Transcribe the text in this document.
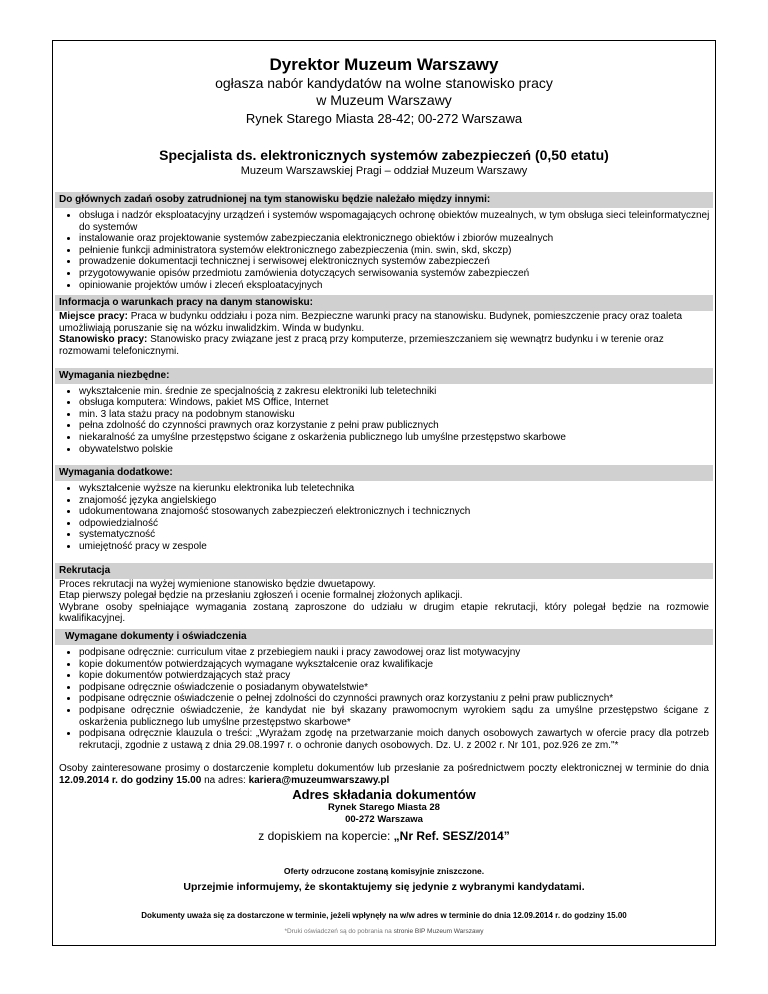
Dyrektor Muzeum Warszawy
ogłasza nabór kandydatów na wolne stanowisko pracy
w Muzeum Warszawy
Rynek Starego Miasta 28-42; 00-272 Warszawa
Specjalista ds. elektronicznych systemów zabezpieczeń (0,50 etatu)
Muzeum Warszawskiej Pragi – oddział Muzeum Warszawy
Do głównych zadań osoby zatrudnionej na tym stanowisku będzie należało między innymi:
• obsługa i nadzór eksploatacyjny urządzeń i systemów wspomagających ochronę obiektów muzealnych, w tym obsługa sieci teleinformatycznej do systemów
• instalowanie oraz projektowanie systemów zabezpieczania elektronicznego obiektów i zbiorów muzealnych
• pełnienie funkcji administratora systemów elektronicznego zabezpieczenia (min. swin, skd, skczp)
• prowadzenie dokumentacji technicznej i serwisowej elektronicznych systemów zabezpieczeń
• przygotowywanie opisów przedmiotu zamówienia dotyczących serwisowania systemów zabezpieczeń
• opiniowanie projektów umów i zleceń eksploatacyjnych
Informacja o warunkach pracy na danym stanowisku:
Miejsce pracy: Praca w budynku oddziału i poza nim. Bezpieczne warunki pracy na stanowisku. Budynek, pomieszczenie pracy oraz toaleta umożliwiają poruszanie się na wózku inwalidzkim. Winda w budynku.
Stanowisko pracy: Stanowisko pracy związane jest z pracą przy komputerze, przemieszczaniem się wewnątrz budynku i w terenie oraz rozmowami telefonicznymi.
Wymagania niezbędne:
• wykształcenie min. średnie ze specjalnością z zakresu elektroniki lub teletechniki
• obsługa komputera: Windows, pakiet MS Office, Internet
• min. 3 lata stażu pracy na podobnym stanowisku
• pełna zdolność do czynności prawnych oraz korzystanie z pełni praw publicznych
• niekaralność za umyślne przestępstwo ścigane z oskarżenia publicznego lub umyślne przestępstwo skarbowe
• obywatelstwo polskie
Wymagania dodatkowe:
• wykształcenie wyższe na kierunku elektronika lub teletechnika
• znajomość języka angielskiego
• udokumentowana znajomość stosowanych zabezpieczeń elektronicznych i technicznych
• odpowiedzialność
• systematyczność
• umiejętność pracy w zespole
Rekrutacja
Proces rekrutacji na wyżej wymienione stanowisko będzie dwuetapowy.
Etap pierwszy polegał będzie na przesłaniu zgłoszeń i ocenie formalnej złożonych aplikacji.
Wybrane osoby spełniające wymagania zostaną zaproszone do udziału w drugim etapie rekrutacji, który polegał będzie na rozmowie kwalifikacyjnej.
Wymagane dokumenty i oświadczenia
• podpisane odręcznie: curriculum vitae z przebiegiem nauki i pracy zawodowej oraz list motywacyjny
• kopie dokumentów potwierdzających wymagane wykształcenie oraz kwalifikacje
• kopie dokumentów potwierdzających staż pracy
• podpisane odręcznie oświadczenie o posiadanym obywatelstwie*
• podpisane odręcznie oświadczenie o pełnej zdolności do czynności prawnych oraz korzystaniu z pełni praw publicznych*
• podpisane odręcznie oświadczenie, że kandydat nie był skazany prawomocnym wyrokiem sądu za umyślne przestępstwo ścigane z oskarżenia publicznego lub umyślne przestępstwo skarbowe*
• podpisana odręcznie klauzula o treści: „Wyrażam zgodę na przetwarzanie moich danych osobowych zawartych w ofercie pracy dla potrzeb rekrutacji, zgodnie z ustawą z dnia 29.08.1997 r. o ochronie danych osobowych. Dz. U. z 2002 r. Nr 101, poz.926 ze zm."*
Osoby zainteresowane prosimy o dostarczenie kompletu dokumentów lub przesłanie za pośrednictwem poczty elektronicznej w terminie do dnia 12.09.2014 r. do godziny 15.00 na adres: kariera@muzeumwarszawy.pl
Adres składania dokumentów
Rynek Starego Miasta 28
00-272 Warszawa
z dopiskiem na kopercie: „Nr Ref. SESZ/2014”
Oferty odrzucone zostaną komisyjnie zniszczone.
Uprzejmie informujemy, że skontaktujemy się jedynie z wybranymi kandydatami.
Dokumenty uważa się za dostarczone w terminie, jeżeli wpłynęły na w/w adres w terminie do dnia 12.09.2014 r. do godziny 15.00
*Druki oświadczeń są do pobrania na stronie BIP Muzeum Warszawy
